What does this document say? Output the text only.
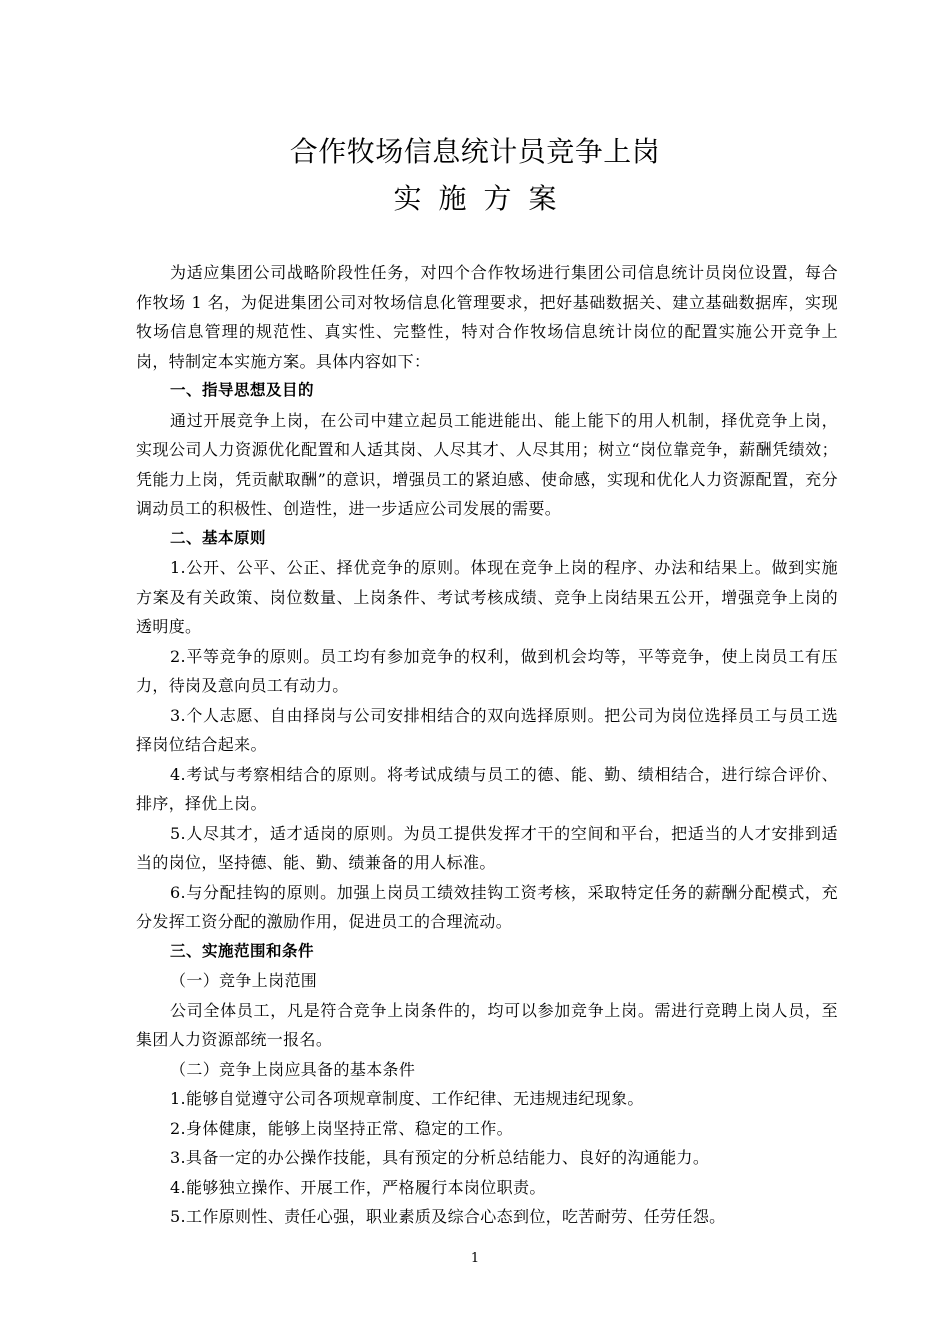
合作牧场信息统计员竞争上岗
实施方案

为适应集团公司战略阶段性任务，对四个合作牧场进行集团公司信息统计员岗位设置，每合作牧场 1 名，为促进集团公司对牧场信息化管理要求，把好基础数据关、建立基础数据库，实现牧场信息管理的规范性、真实性、完整性，特对合作牧场信息统计岗位的配置实施公开竞争上岗，特制定本实施方案。具体内容如下：

一、指导思想及目的

通过开展竞争上岗，在公司中建立起员工能进能出、能上能下的用人机制，择优竞争上岗，实现公司人力资源优化配置和人适其岗、人尽其才、人尽其用；树立“岗位靠竞争，薪酬凭绩效；凭能力上岗，凭贡献取酬”的意识，增强员工的紧迫感、使命感，实现和优化人力资源配置，充分调动员工的积极性、创造性，进一步适应公司发展的需要。

二、基本原则

1.公开、公平、公正、择优竞争的原则。体现在竞争上岗的程序、办法和结果上。做到实施方案及有关政策、岗位数量、上岗条件、考试考核成绩、竞争上岗结果五公开，增强竞争上岗的透明度。

2.平等竞争的原则。员工均有参加竞争的权利，做到机会均等，平等竞争，使上岗员工有压力，待岗及意向员工有动力。

3.个人志愿、自由择岗与公司安排相结合的双向选择原则。把公司为岗位选择员工与员工选择岗位结合起来。

4.考试与考察相结合的原则。将考试成绩与员工的德、能、勤、绩相结合，进行综合评价、排序，择优上岗。

5.人尽其才，适才适岗的原则。为员工提供发挥才干的空间和平台，把适当的人才安排到适当的岗位，坚持德、能、勤、绩兼备的用人标准。

6.与分配挂钩的原则。加强上岗员工绩效挂钩工资考核，采取特定任务的薪酬分配模式，充分发挥工资分配的激励作用，促进员工的合理流动。

三、实施范围和条件

（一）竞争上岗范围

公司全体员工，凡是符合竞争上岗条件的，均可以参加竞争上岗。需进行竞聘上岗人员，至集团人力资源部统一报名。

（二）竞争上岗应具备的基本条件

1.能够自觉遵守公司各项规章制度、工作纪律、无违规违纪现象。

2.身体健康，能够上岗坚持正常、稳定的工作。

3.具备一定的办公操作技能，具有预定的分析总结能力、良好的沟通能力。

4.能够独立操作、开展工作，严格履行本岗位职责。

5.工作原则性、责任心强，职业素质及综合心态到位，吃苦耐劳、任劳任怨。

1
